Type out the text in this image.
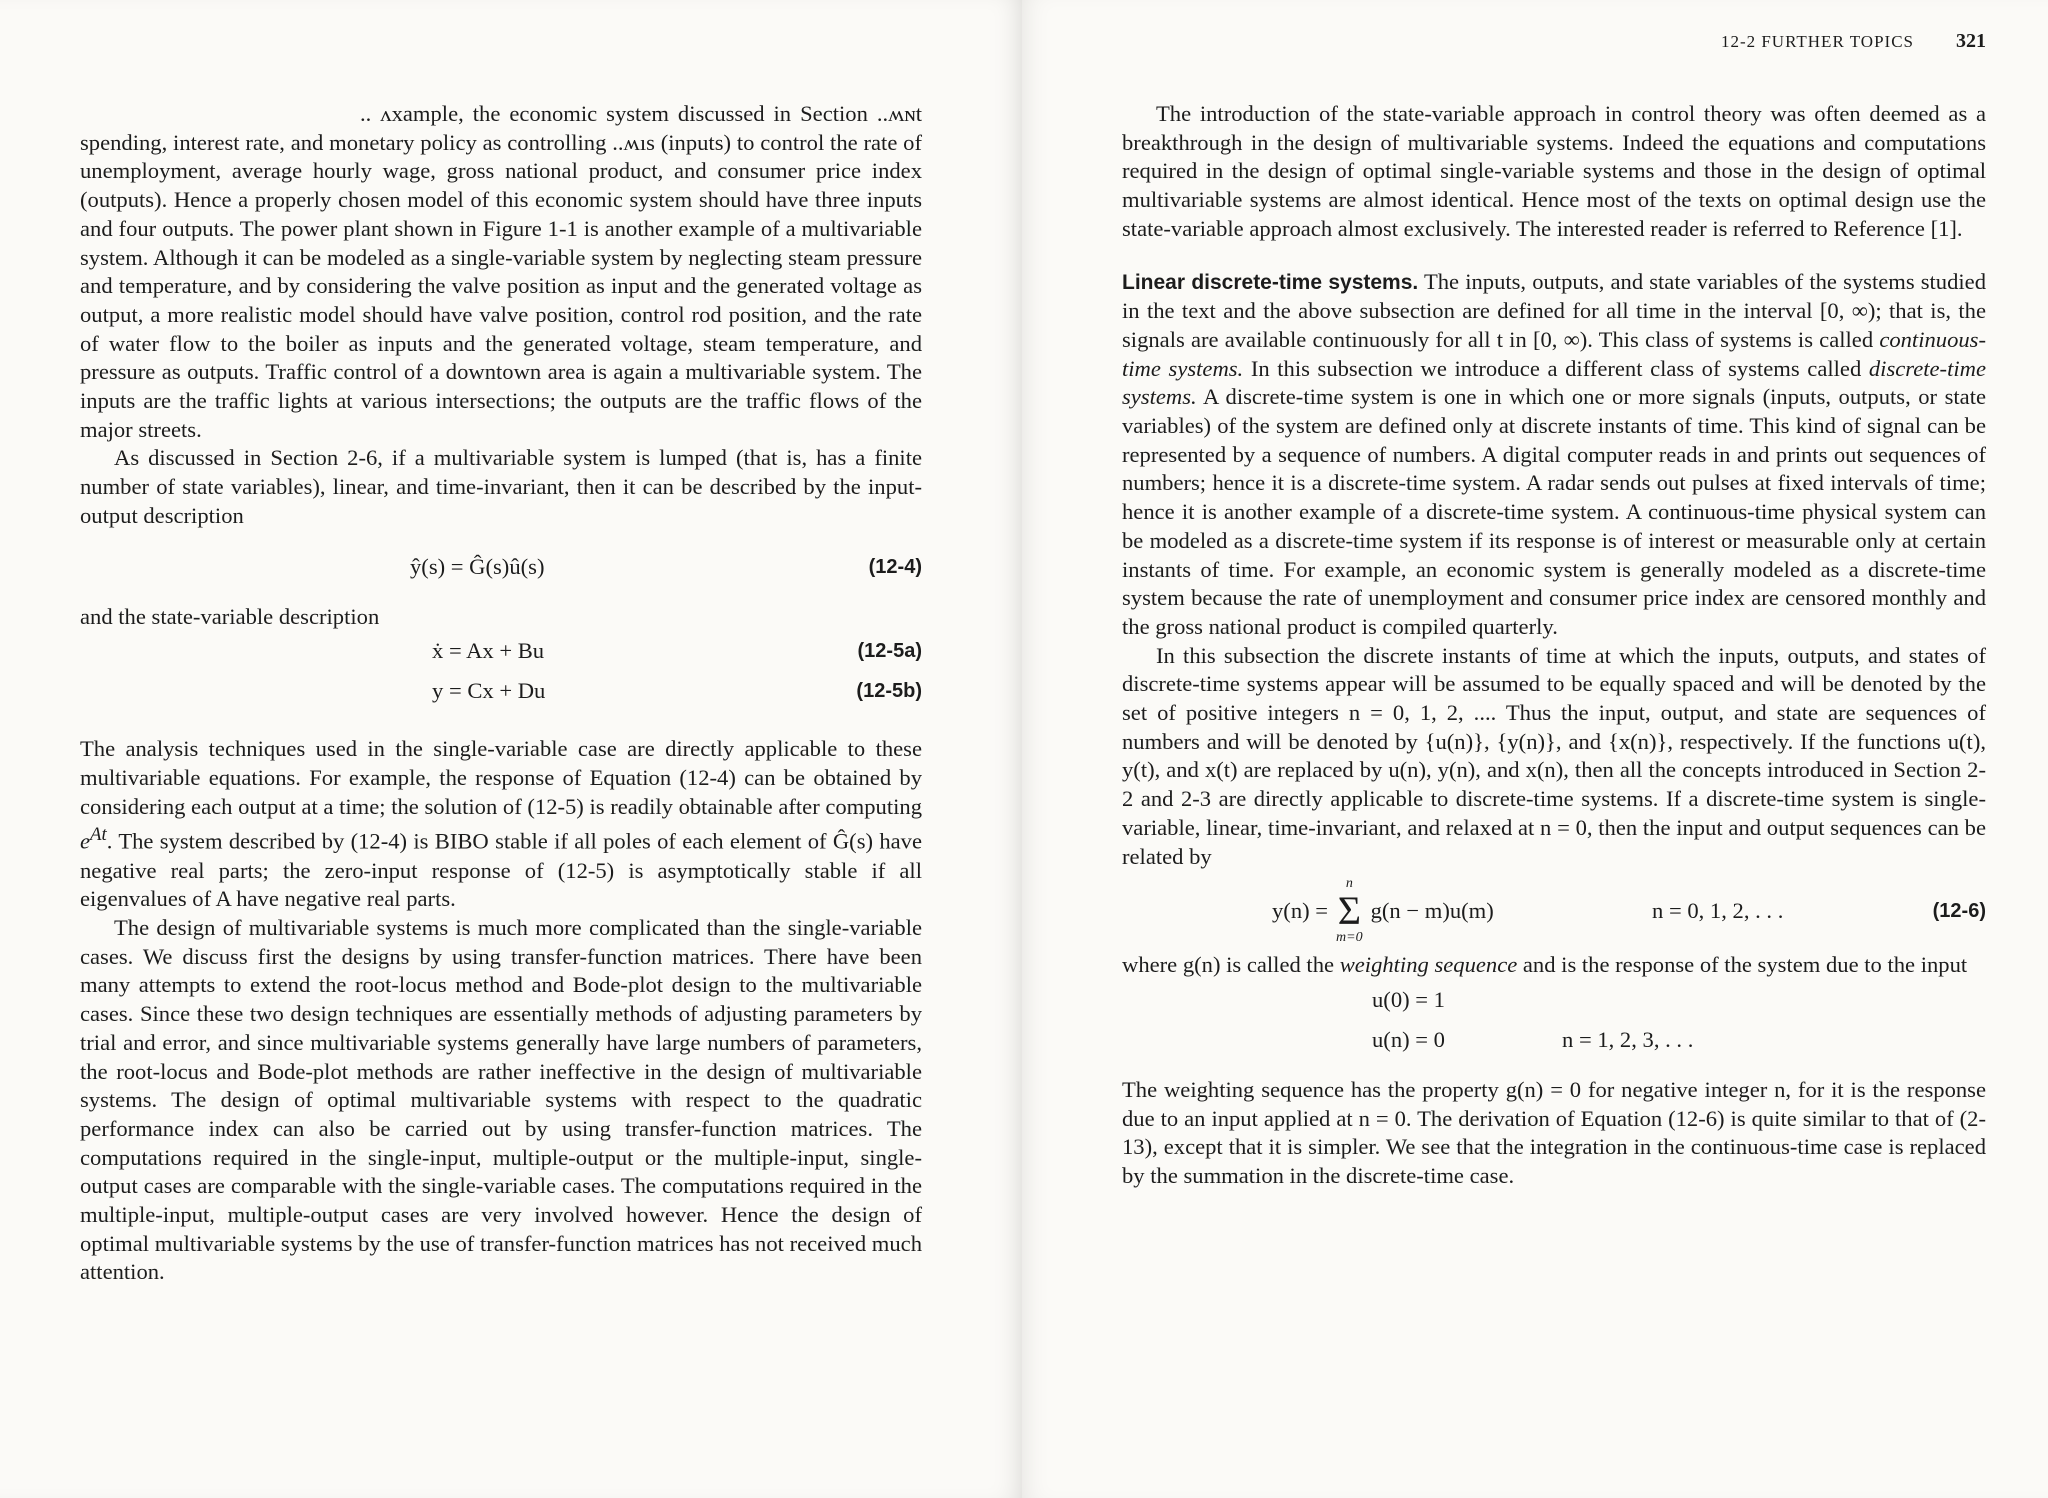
.. ʌxample, the economic system discussed in Section ..ʍɴt spending, interest rate, and monetary policy as controlling ..ʍıѕ (inputs) to control the rate of unemployment, average hourly wage, gross national product, and consumer price index (outputs). Hence a properly chosen model of this economic system should have three inputs and four outputs. The power plant shown in Figure 1-1 is another example of a multivariable system. Although it can be modeled as a single-variable system by neglecting steam pressure and temperature, and by considering the valve position as input and the generated voltage as output, a more realistic model should have valve position, control rod position, and the rate of water flow to the boiler as inputs and the generated voltage, steam temperature, and pressure as outputs. Traffic control of a downtown area is again a multivariable system. The inputs are the traffic lights at various intersections; the outputs are the traffic flows of the major streets.

As discussed in Section 2-6, if a multivariable system is lumped (that is, has a finite number of state variables), linear, and time-invariant, then it can be described by the input-output description

ŷ(s) = Ĝ(s)û(s)	(12-4)

and the state-variable description

ẋ = Ax + Bu	(12-5a)
y = Cx + Du	(12-5b)

The analysis techniques used in the single-variable case are directly applicable to these multivariable equations. For example, the response of Equation (12-4) can be obtained by considering each output at a time; the solution of (12-5) is readily obtainable after computing $e^{At}$. The system described by (12-4) is BIBO stable if all poles of each element of Ĝ(s) have negative real parts; the zero-input response of (12-5) is asymptotically stable if all eigenvalues of A have negative real parts.

The design of multivariable systems is much more complicated than the single-variable cases. We discuss first the designs by using transfer-function matrices. There have been many attempts to extend the root-locus method and Bode-plot design to the multivariable cases. Since these two design techniques are essentially methods of adjusting parameters by trial and error, and since multivariable systems generally have large numbers of parameters, the root-locus and Bode-plot methods are rather ineffective in the design of multivariable systems. The design of optimal multivariable systems with respect to the quadratic performance index can also be carried out by using transfer-function matrices. The computations required in the single-input, multiple-output or the multiple-input, single-output cases are comparable with the single-variable cases. The computations required in the multiple-input, multiple-output cases are very involved however. Hence the design of optimal multivariable systems by the use of transfer-function matrices has not received much attention.

12-2 FURTHER TOPICS 321

The introduction of the state-variable approach in control theory was often deemed as a breakthrough in the design of multivariable systems. Indeed the equations and computations required in the design of optimal single-variable systems and those in the design of optimal multivariable systems are almost identical. Hence most of the texts on optimal design use the state-variable approach almost exclusively. The interested reader is referred to Reference [1].

Linear discrete-time systems. The inputs, outputs, and state variables of the systems studied in the text and the above subsection are defined for all time in the interval [0, ∞); that is, the signals are available continuously for all t in [0, ∞). This class of systems is called continuous-time systems. In this subsection we introduce a different class of systems called discrete-time systems. A discrete-time system is one in which one or more signals (inputs, outputs, or state variables) of the system are defined only at discrete instants of time. This kind of signal can be represented by a sequence of numbers. A digital computer reads in and prints out sequences of numbers; hence it is a discrete-time system. A radar sends out pulses at fixed intervals of time; hence it is another example of a discrete-time system. A continuous-time physical system can be modeled as a discrete-time system if its response is of interest or measurable only at certain instants of time. For example, an economic system is generally modeled as a discrete-time system because the rate of unemployment and consumer price index are censored monthly and the gross national product is compiled quarterly.

In this subsection the discrete instants of time at which the inputs, outputs, and states of discrete-time systems appear will be assumed to be equally spaced and will be denoted by the set of positive integers n = 0, 1, 2, .... Thus the input, output, and state are sequences of numbers and will be denoted by {u(n)}, {y(n)}, and {x(n)}, respectively. If the functions u(t), y(t), and x(t) are replaced by u(n), y(n), and x(n), then all the concepts introduced in Section 2-2 and 2-3 are directly applicable to discrete-time systems. If a discrete-time system is single-variable, linear, time-invariant, and relaxed at n = 0, then the input and output sequences can be related by

y(n) =
n
Σ
m=0
g(n − m)u(m)	n = 0, 1, 2, . . .	(12-6)

where g(n) is called the weighting sequence and is the response of the system due to the input

u(0) = 1
u(n) = 0	n = 1, 2, 3, . . .

The weighting sequence has the property g(n) = 0 for negative integer n, for it is the response due to an input applied at n = 0. The derivation of Equation (12-6) is quite similar to that of (2-13), except that it is simpler. We see that the integration in the continuous-time case is replaced by the summation in the discrete-time case.
